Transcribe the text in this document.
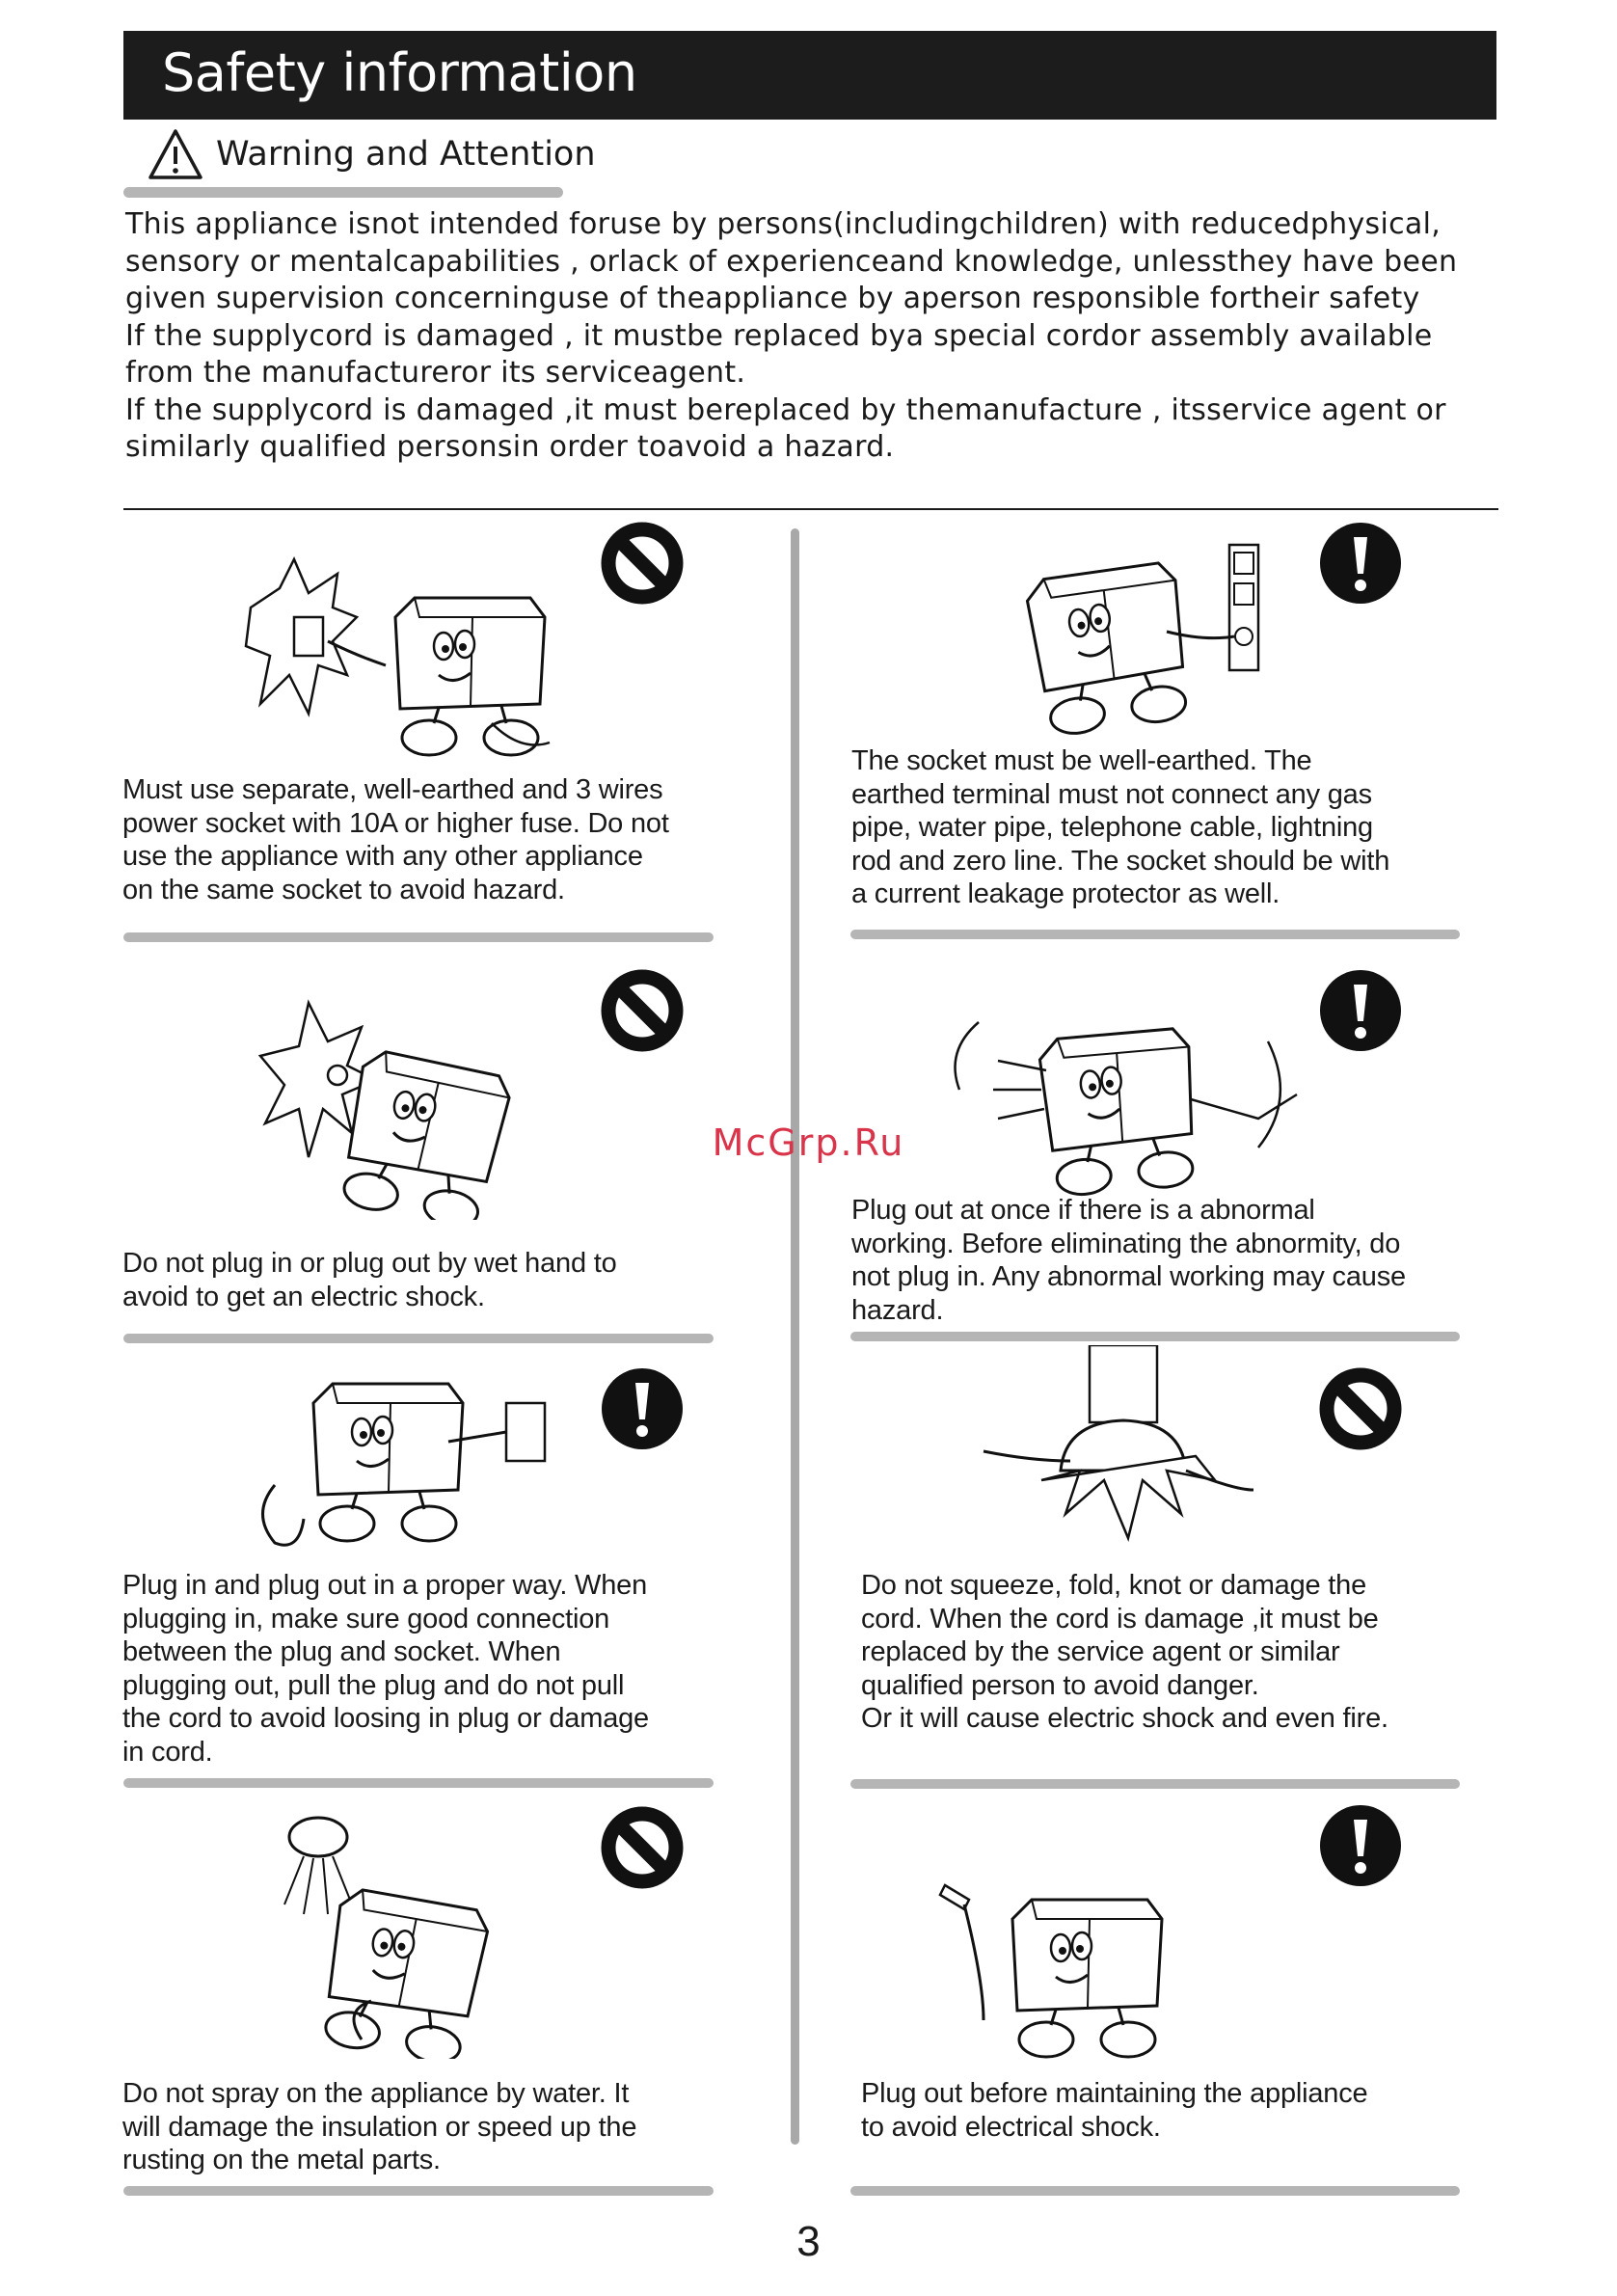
Safety information
Warning and Attention

This appliance isnot intended foruse by persons(includingchildren) with reducedphysical,

sensory or mentalcapabilities , orlack of experienceand knowledge, unlessthey have been

given supervision concerninguse of theappliance by aperson responsible fortheir safety

If the supplycord is damaged , it mustbe replaced bya special cordor assembly available

from the manufactureror its serviceagent.

If the supplycord is damaged ,it must bereplaced by themanufacture , itsservice agent or

similarly qualified personsin order toavoid a hazard.

Must use separate, well-earthed and 3 wires
power socket with 10A or higher fuse. Do not
use the appliance with any other appliance
on the same socket to avoid hazard.
The socket must be well-earthed. The
earthed terminal must not connect any gas
pipe, water pipe, telephone cable, lightning
rod and zero line. The socket should be with
a current leakage protector as well.
Do not plug in or plug out by wet hand to
avoid to get an electric shock.
Plug out at once if there is a abnormal
working. Before eliminating the abnormity, do
not plug in. Any abnormal working may cause
hazard.
Plug in and plug out in a proper way. When
plugging in, make sure good connection
between the plug and socket. When
plugging out, pull the plug and do not pull
the cord to avoid loosing in plug or damage
in cord.
Do not squeeze, fold, knot or damage the
cord. When the cord is damage ,it must be
replaced by the service agent or similar
qualified person to avoid danger.
Or it will cause electric shock and even fire.
Do not spray on the appliance by water. It
will damage the insulation or speed up the
rusting on the metal parts.
Plug out before maintaining the appliance
to avoid electrical shock.
McGrp.Ru
3
